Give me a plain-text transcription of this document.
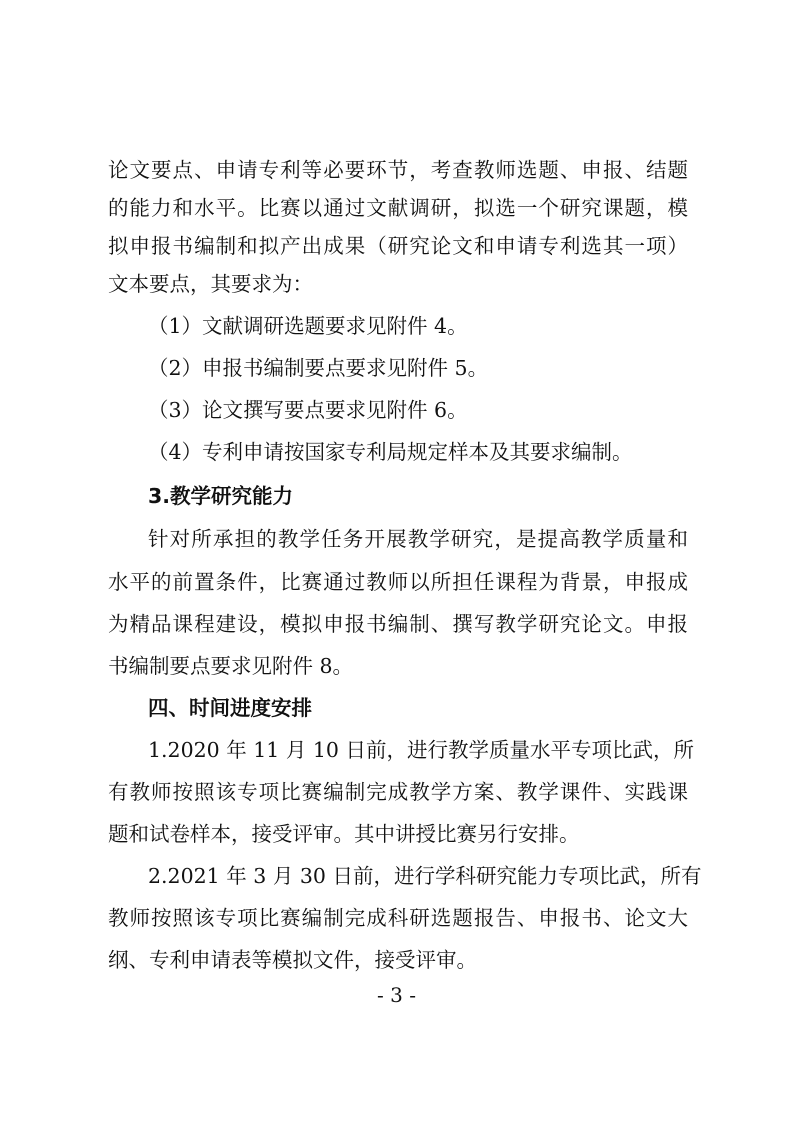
论文要点、申请专利等必要环节，考查教师选题、申报、结题
的能力和水平。比赛以通过文献调研，拟选一个研究课题，模
拟申报书编制和拟产出成果（研究论文和申请专利选其一项）
文本要点，其要求为：
（1）文献调研选题要求见附件 4。
（2）申报书编制要点要求见附件 5。
（3）论文撰写要点要求见附件 6。
（4）专利申请按国家专利局规定样本及其要求编制。
3.教学研究能力
针对所承担的教学任务开展教学研究，是提高教学质量和
水平的前置条件，比赛通过教师以所担任课程为背景，申报成
为精品课程建设，模拟申报书编制、撰写教学研究论文。申报
书编制要点要求见附件 8。
四、时间进度安排
1.2020 年 11 月 10 日前，进行教学质量水平专项比武，所
有教师按照该专项比赛编制完成教学方案、教学课件、实践课
题和试卷样本，接受评审。其中讲授比赛另行安排。
2.2021 年 3 月 30 日前，进行学科研究能力专项比武，所有
教师按照该专项比赛编制完成科研选题报告、申报书、论文大
纲、专利申请表等模拟文件，接受评审。
- 3 -
